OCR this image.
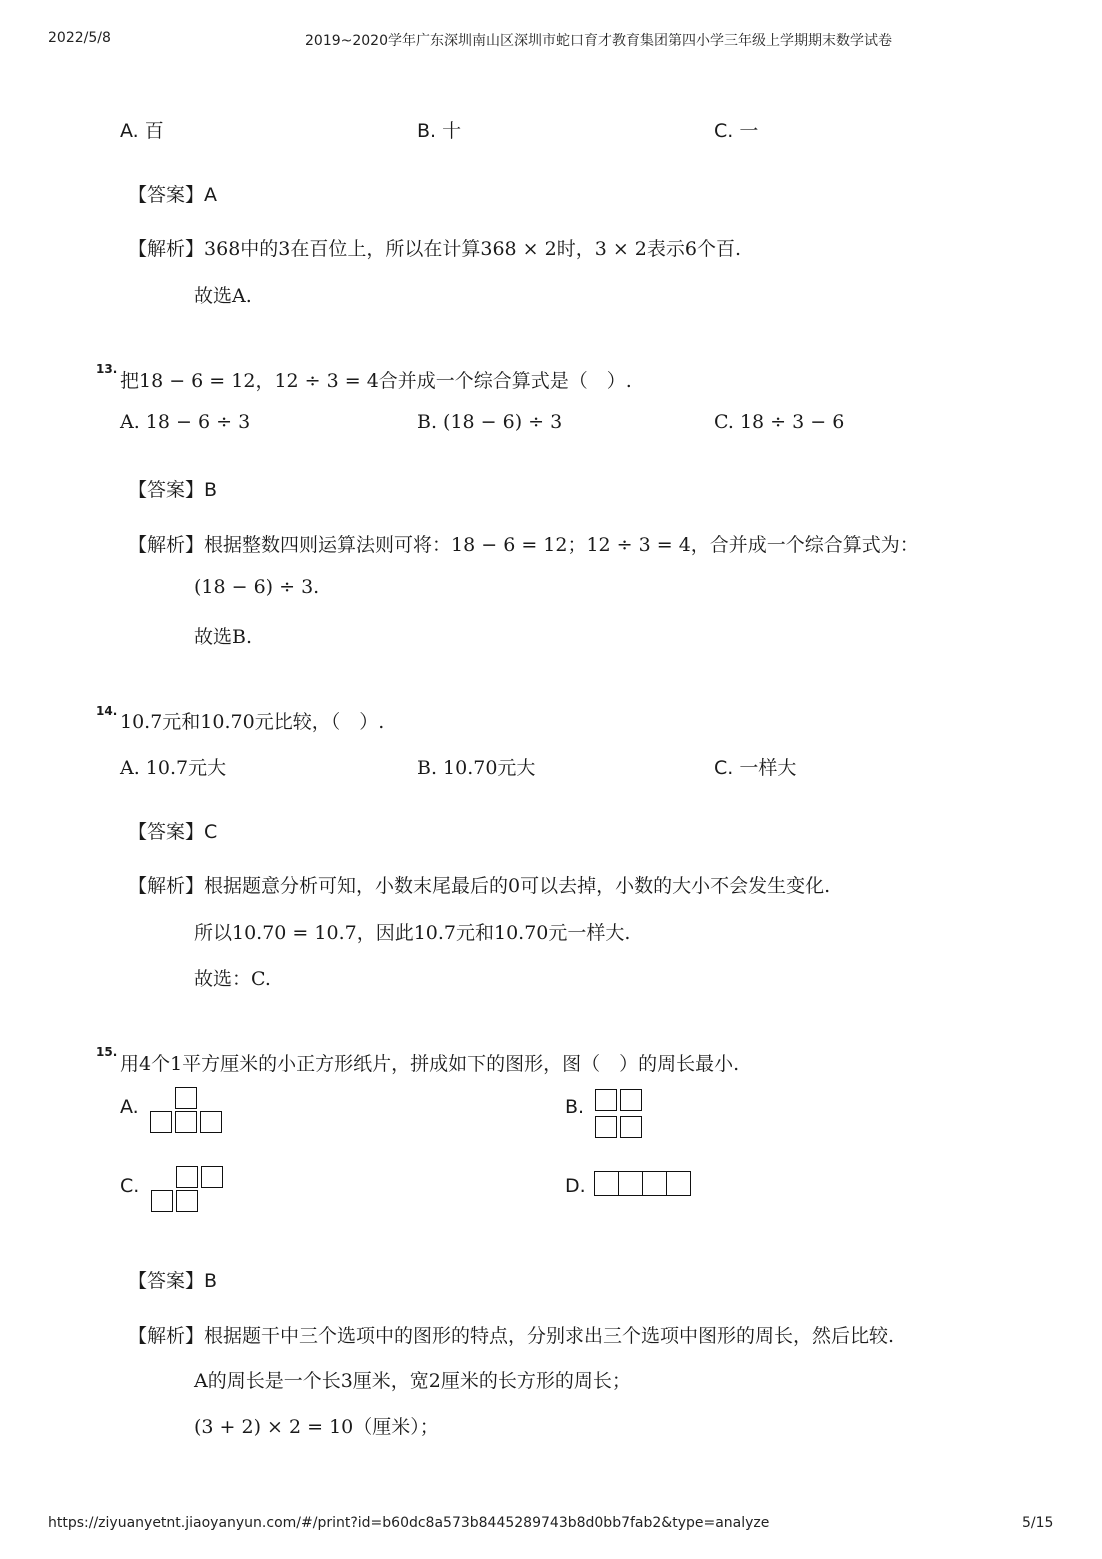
2022/5/8	2019~2020学年广东深圳南山区深圳市蛇口育才教育集团第四小学三年级上学期期末数学试卷
A. 百	B. 十	C. 一
【答案】A
【解析】368中的3在百位上，所以在计算368 × 2时，3 × 2表示6个百.
故选A.
13.
把18 − 6 = 12，12 ÷ 3 = 4合并成一个综合算式是（　）.
A. 18 − 6 ÷ 3	B. (18 − 6) ÷ 3	C. 18 ÷ 3 − 6
【答案】B
【解析】根据整数四则运算法则可将：18 − 6 = 12；12 ÷ 3 = 4，合并成一个综合算式为：
(18 − 6) ÷ 3.
故选B.
14. 10.7元和10.70元比较，（　）.
A. 10.7元大	B. 10.70元大	C. 一样大
【答案】C
【解析】根据题意分析可知，小数末尾最后的0可以去掉，小数的大小不会发生变化.
所以10.70 = 10.7，因此10.7元和10.70元一样大.
故选：C.
15.
用4个1平方厘米的小正方形纸片，拼成如下的图形，图（　）的周长最小.
A.	B.
C.	D.
【答案】B
【解析】根据题干中三个选项中的图形的特点，分别求出三个选项中图形的周长，然后比较.
A的周长是一个长3厘米，宽2厘米的长方形的周长；
(3 + 2) × 2 = 10（厘米）；
https://ziyuanyetnt.jiaoyanyun.com/#/print?id=b60dc8a573b8445289743b8d0bb7fab2&type=analyze	5/15
